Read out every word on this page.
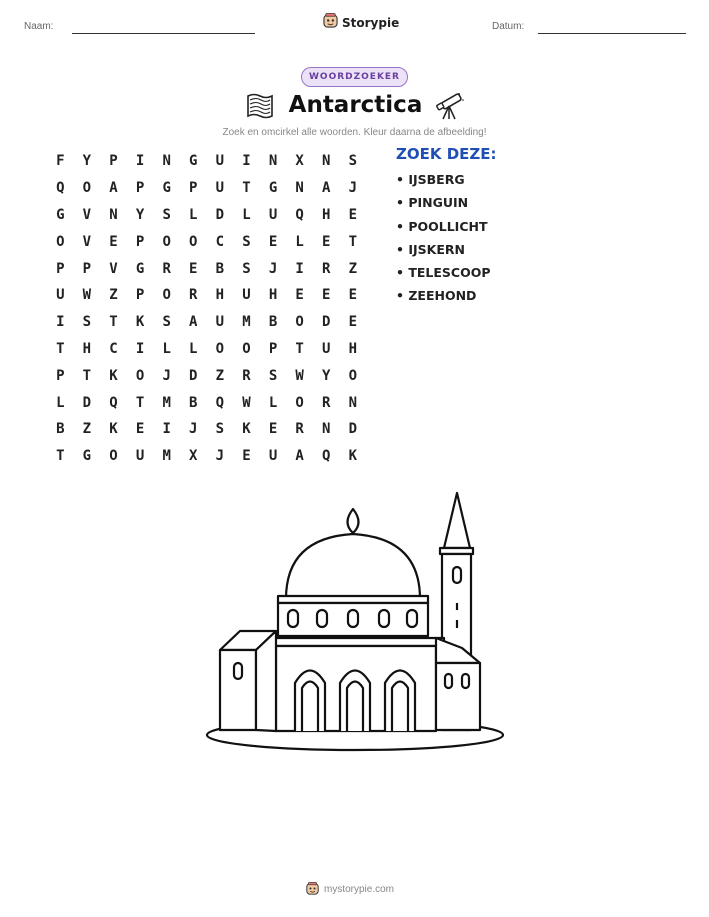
Naam:	Storypie	Datum:
WOORDZOEKER
Antarctica
Zoek en omcirkel alle woorden. Kleur daarna de afbeelding!
F	Y	P	I	N	G	U	I	N	X	N	S
Q	O	A	P	G	P	U	T	G	N	A	J
G	V	N	Y	S	L	D	L	U	Q	H	E
O	V	E	P	O	O	C	S	E	L	E	T
P	P	V	G	R	E	B	S	J	I	R	Z
U	W	Z	P	O	R	H	U	H	E	E	E
I	S	T	K	S	A	U	M	B	O	D	E
T	H	C	I	L	L	O	O	P	T	U	H
P	T	K	O	J	D	Z	R	S	W	Y	O
L	D	Q	T	M	B	Q	W	L	O	R	N
B	Z	K	E	I	J	S	K	E	R	N	D
T	G	O	U	M	X	J	E	U	A	Q	K
ZOEK DEZE:
• IJSBERG
• PINGUIN
• POOLLICHT
• IJSKERN
• TELESCOOP
• ZEEHOND
mystorypie.com
